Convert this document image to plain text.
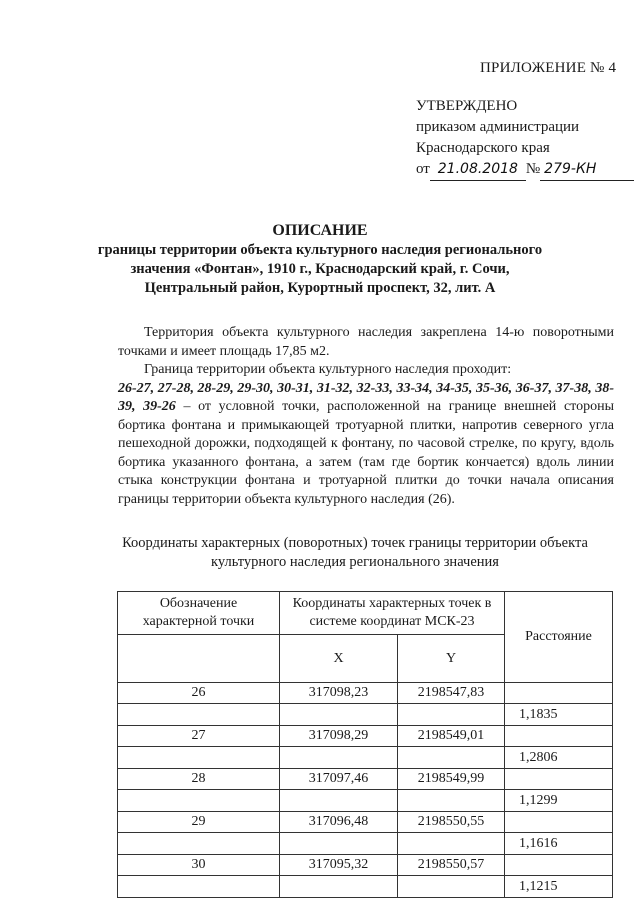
ПРИЛОЖЕНИЕ № 4
УТВЕРЖДЕНО
приказом администрации
Краснодарского края
от 21.08.2018 № 279-КН
ОПИСАНИЕ
границы территории объекта культурного наследия регионального значения «Фонтан», 1910 г., Краснодарский край, г. Сочи, Центральный район, Курортный проспект, 32, лит. А

Территория объекта культурного наследия закреплена 14-ю поворотными точками и имеет площадь 17,85 м2.

Граница территории объекта культурного наследия проходит:

26-27, 27-28, 28-29, 29-30, 30-31, 31-32, 32-33, 33-34, 34-35, 35-36, 36-37, 37-38, 38-39, 39-26 – от условной точки, расположенной на границе внешней стороны бортика фонтана и примыкающей тротуарной плитки, напротив северного угла пешеходной дорожки, подходящей к фонтану, по часовой стрелке, по кругу, вдоль бортика указанного фонтана, а затем (там где бортик кончается) вдоль линии стыка конструкции фонтана и тротуарной плитки до точки начала описания границы территории объекта культурного наследия (26).

Координаты характерных (поворотных) точек границы территории объекта культурного наследия регионального значения
Обозначение характерной точки	Координаты характерных точек в системе координат МСК-23		Расстояние
	X	Y	
26	317098,23	2198547,83	
			1,1835
27	317098,29	2198549,01	
			1,2806
28	317097,46	2198549,99	
			1,1299
29	317096,48	2198550,55	
			1,1616
30	317095,32	2198550,57	
			1,1215
